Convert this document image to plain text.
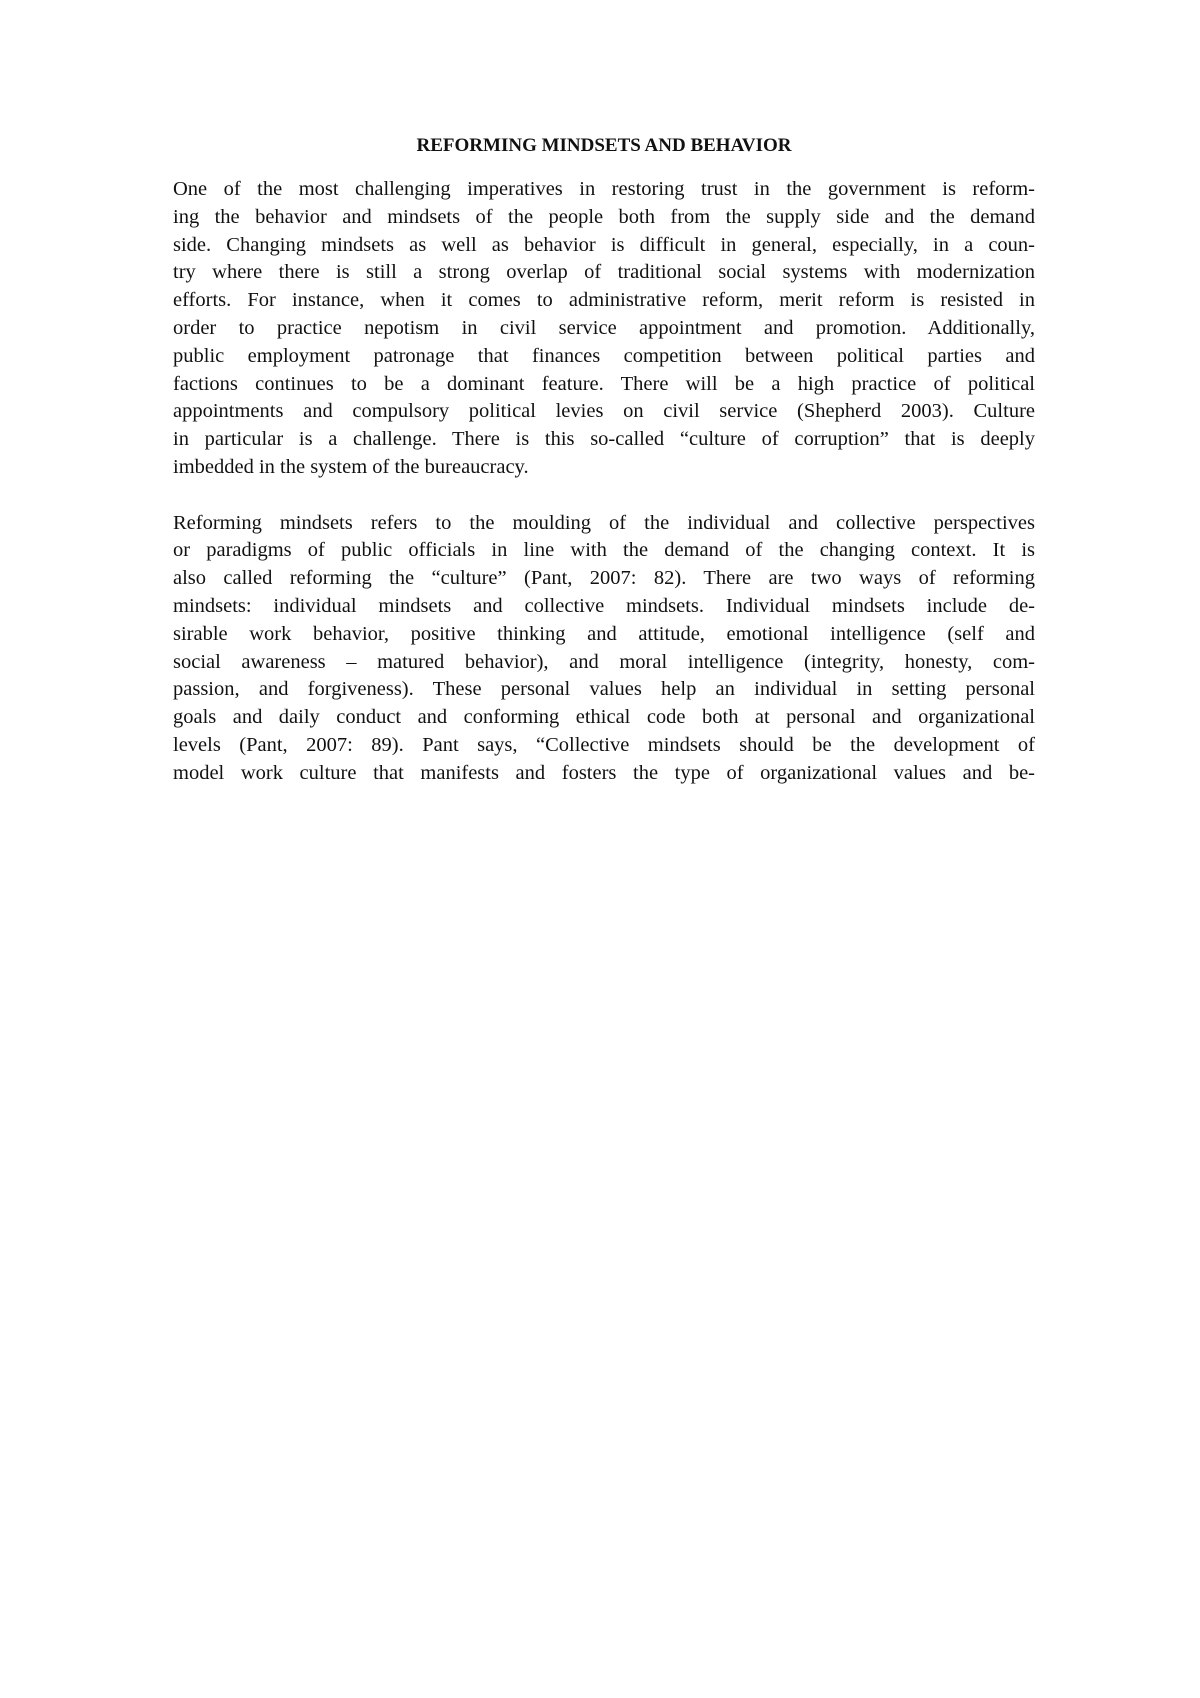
REFORMING MINDSETS AND BEHAVIOR
One of the most challenging imperatives in restoring trust in the government is reform-
ing the behavior and mindsets of the people both from the supply side and the demand
side. Changing mindsets as well as behavior is difficult in general, especially, in a coun-
try where there is still a strong overlap of traditional social systems with modernization
efforts. For instance, when it comes to administrative reform, merit reform is resisted in
order to practice nepotism in civil service appointment and promotion. Additionally,
public employment patronage that finances competition between political parties and
factions continues to be a dominant feature. There will be a high practice of political
appointments and compulsory political levies on civil service (Shepherd 2003). Culture
in particular is a challenge. There is this so-called “culture of corruption” that is deeply
imbedded in the system of the bureaucracy.
Reforming mindsets refers to the moulding of the individual and collective perspectives
or paradigms of public officials in line with the demand of the changing context. It is
also called reforming the “culture” (Pant, 2007: 82). There are two ways of reforming
mindsets: individual mindsets and collective mindsets. Individual mindsets include de-
sirable work behavior, positive thinking and attitude, emotional intelligence (self and
social awareness – matured behavior), and moral intelligence (integrity, honesty, com-
passion, and forgiveness). These personal values help an individual in setting personal
goals and daily conduct and conforming ethical code both at personal and organizational
levels (Pant, 2007: 89). Pant says, “Collective mindsets should be the development of
model work culture that manifests and fosters the type of organizational values and be-
